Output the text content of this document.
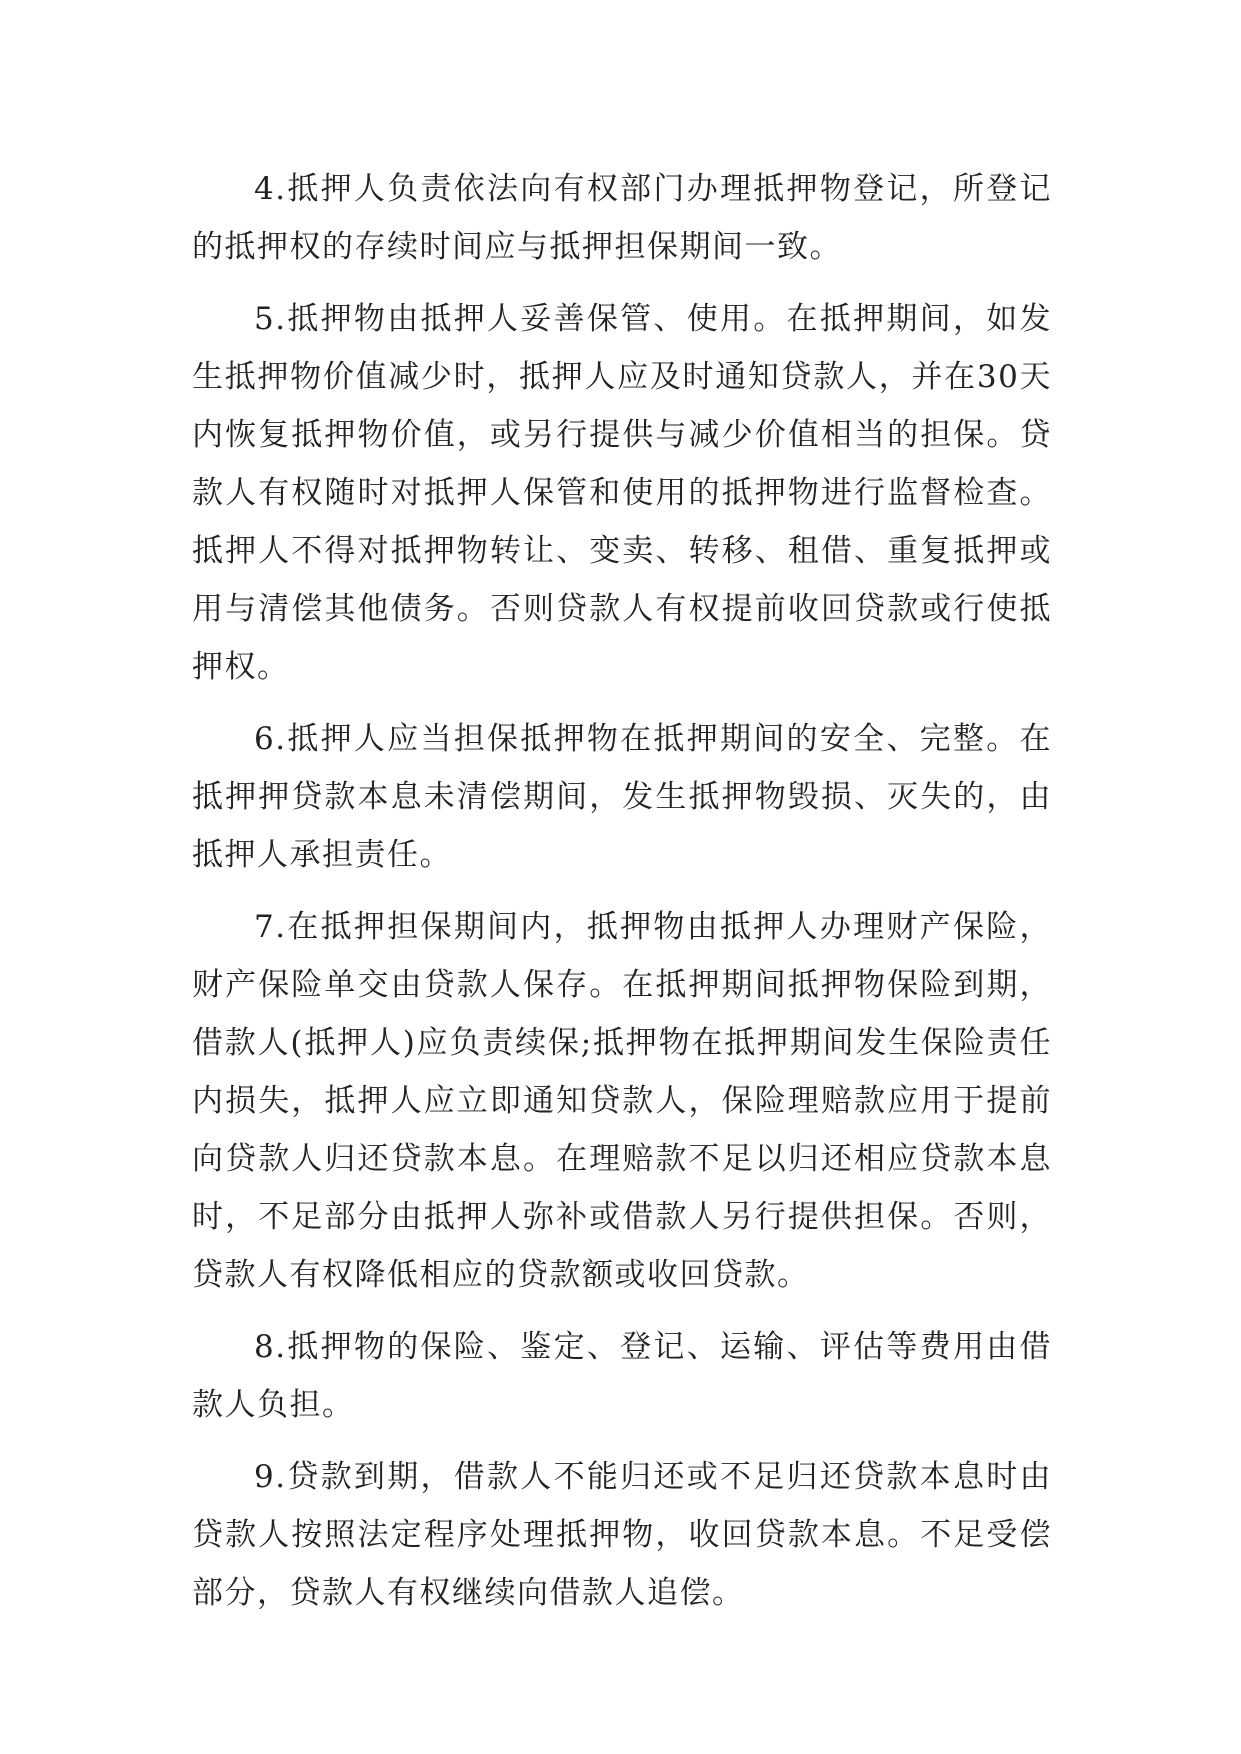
4.抵押人负责依法向有权部门办理抵押物登记，所登记的抵押权的存续时间应与抵押担保期间一致。

5.抵押物由抵押人妥善保管、使用。在抵押期间，如发生抵押物价值减少时，抵押人应及时通知贷款人，并在30天内恢复抵押物价值，或另行提供与减少价值相当的担保。贷款人有权随时对抵押人保管和使用的抵押物进行监督检查。抵押人不得对抵押物转让、变卖、转移、租借、重复抵押或用与清偿其他债务。否则贷款人有权提前收回贷款或行使抵押权。

6.抵押人应当担保抵押物在抵押期间的安全、完整。在抵押押贷款本息未清偿期间，发生抵押物毁损、灭失的，由抵押人承担责任。

7.在抵押担保期间内，抵押物由抵押人办理财产保险，财产保险单交由贷款人保存。在抵押期间抵押物保险到期，借款人(抵押人)应负责续保;抵押物在抵押期间发生保险责任内损失，抵押人应立即通知贷款人，保险理赔款应用于提前向贷款人归还贷款本息。在理赔款不足以归还相应贷款本息时，不足部分由抵押人弥补或借款人另行提供担保。否则，贷款人有权降低相应的贷款额或收回贷款。

8.抵押物的保险、鉴定、登记、运输、评估等费用由借款人负担。

9.贷款到期，借款人不能归还或不足归还贷款本息时由贷款人按照法定程序处理抵押物，收回贷款本息。不足受偿部分，贷款人有权继续向借款人追偿。
